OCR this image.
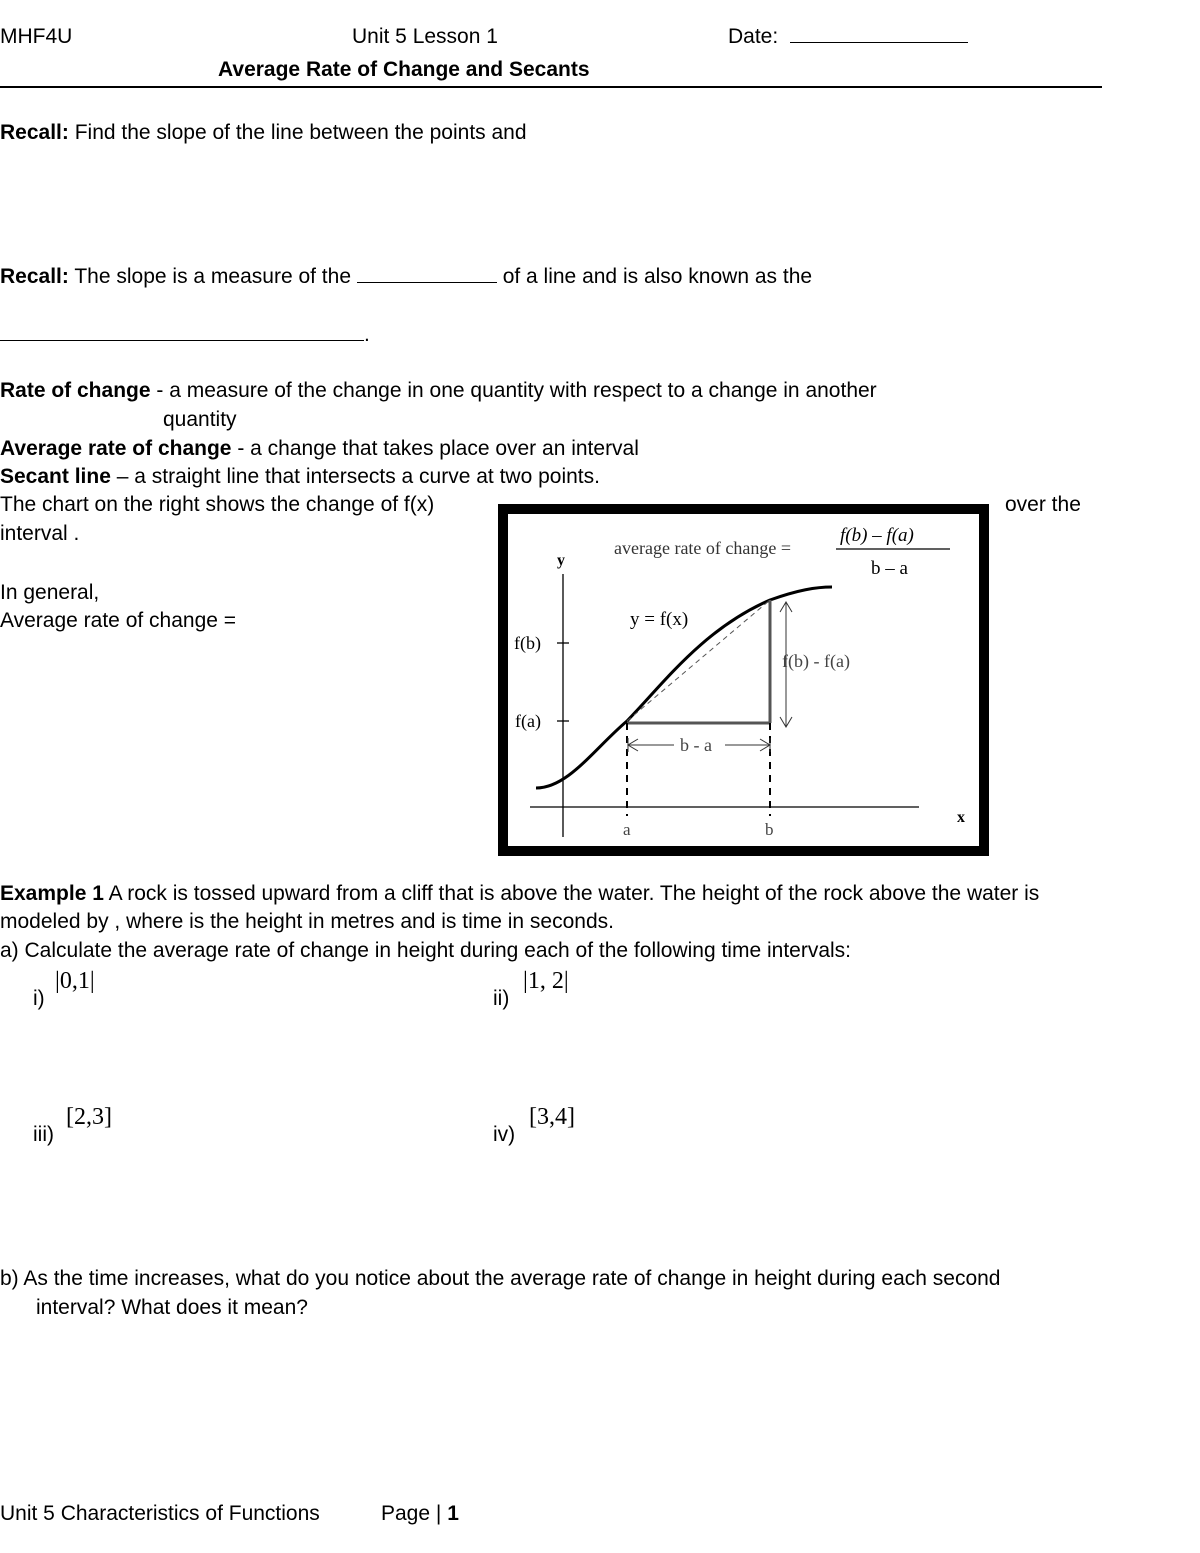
MHF4U	Unit 5 Lesson 1	Date:
Average Rate of Change and Secants
Recall: Find the slope of the line between the points and
Recall: The slope is a measure of the	of a line and is also known as the
.
Rate of change - a measure of the change in one quantity with respect to a change in another
quantity
Average rate of change - a change that takes place over an interval
Secant line – a straight line that intersects a curve at two points.
The chart on the right shows the change of f(x)	over the
interval .
In general,
Average rate of change =
y
x
f(b)
f(a)
y = f(x)
a	b
f(b) - f(a)
b - a
average rate of change =
f(b) – f(a)
b – a
Example 1 A rock is tossed upward from a cliff that is above the water. The height of the rock above the water is
modeled by , where is the height in metres and is time in seconds.
a) Calculate the average rate of change in height during each of the following time intervals:
i)
|0,1|
ii)
|1, 2|
iii)
[2,3]
iv)
[3,4]
b) As the time increases, what do you notice about the average rate of change in height during each second
interval? What does it mean?
Unit 5 Characteristics of Functions	Page | 1
